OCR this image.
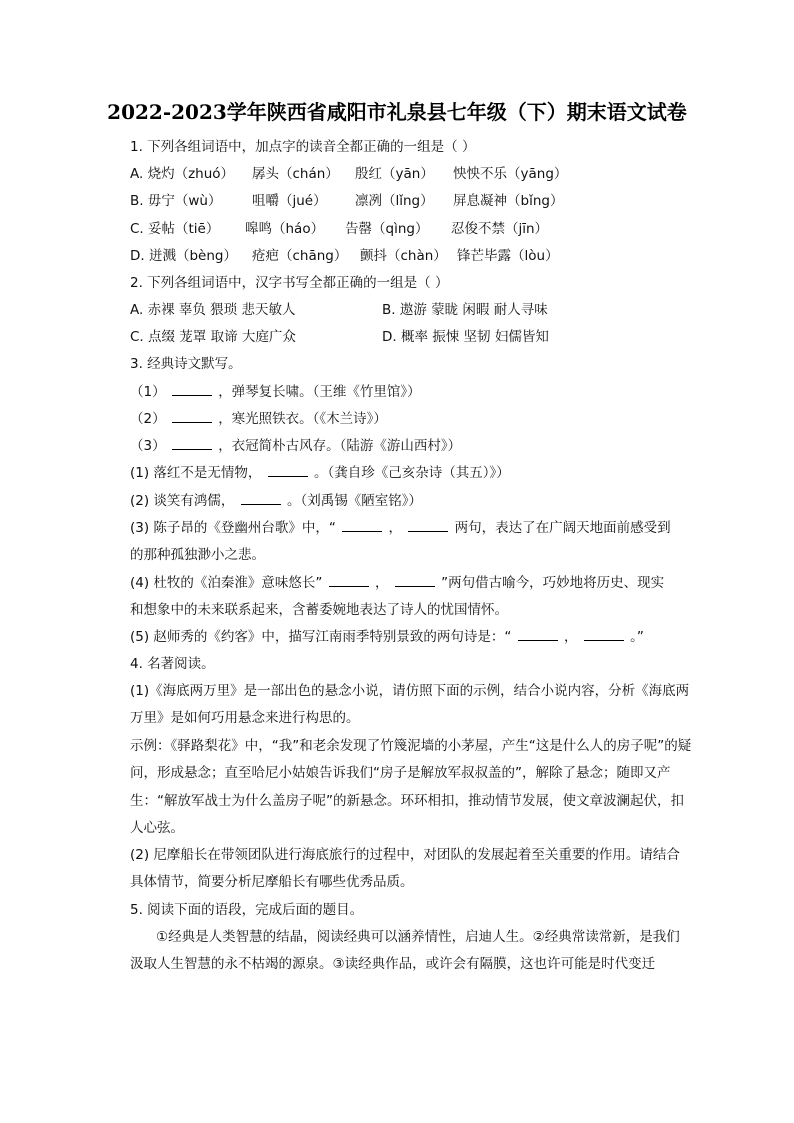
2022-2023学年陕西省咸阳市礼泉县七年级（下）期末语文试卷
1. 下列各组词语中，加点字的读音全都正确的一组是（ ）
A. 烧灼（zhuó） 孱头（chán） 殷红（yān） 怏怏不乐（yāng）
B. 毋宁（wù） 咀嚼（jué） 凛冽（lǐng） 屏息凝神（bǐng）
C. 妥帖（tiē） 嗥鸣（háo） 告罄（qìng） 忍俊不禁（jīn）
D. 迸溅（bèng） 疮疤（chāng） 颤抖（chàn） 锋芒毕露（lòu）
2. 下列各组词语中，汉字书写全都正确的一组是（ ）
A. 赤裸 辜负 猥琐 悲天敏人	B. 遨游 蒙眬 闲暇 耐人寻味
C. 点缀 茏罩 取谛 大庭广众	D. 概率 振悚 坚韧 妇儒皆知
3. 经典诗文默写。
（1）	，弹琴复长啸。（王维《竹里馆》）
（2）	，寒光照铁衣。（《木兰诗》）
（3）	，衣冠简朴古风存。（陆游《游山西村》）
(1) 落红不是无情物，	。（龚自珍《己亥杂诗（其五）》）
(2) 谈笑有鸿儒，	。（刘禹锡《陋室铭》）
(3) 陈子昂的《登幽州台歌》中，“	，	两句，表达了在广阔天地面前感受到
的那种孤独渺小之悲。
(4) 杜牧的《泊秦淮》意味悠长”	，	”两句借古喻今，巧妙地将历史、现实
和想象中的未来联系起来，含蓄委婉地表达了诗人的忧国情怀。
(5) 赵师秀的《约客》中，描写江南雨季特别景致的两句诗是：“	，	。”
4. 名著阅读。
(1)《海底两万里》是一部出色的悬念小说，请仿照下面的示例，结合小说内容，分析《海底两万里》是如何巧用悬念来进行构思的。
示例：《驿路梨花》中，“我”和老余发现了竹篾泥墙的小茅屋，产生“这是什么人的房子呢”的疑问，形成悬念；直至哈尼小姑娘告诉我们“房子是解放军叔叔盖的”，解除了悬念；随即又产生：“解放军战士为什么盖房子呢”的新悬念。环环相扣，推动情节发展，使文章波澜起伏，扣人心弦。
(2) 尼摩船长在带领团队进行海底旅行的过程中，对团队的发展起着至关重要的作用。请结合具体情节，简要分析尼摩船长有哪些优秀品质。
5. 阅读下面的语段，完成后面的题目。
①经典是人类智慧的结晶，阅读经典可以涵养情性，启迪人生。②经典常读常新，是我们汲取人生智慧的永不枯竭的源泉。③读经典作品，或许会有隔膜，这也许可能是时代变迁
